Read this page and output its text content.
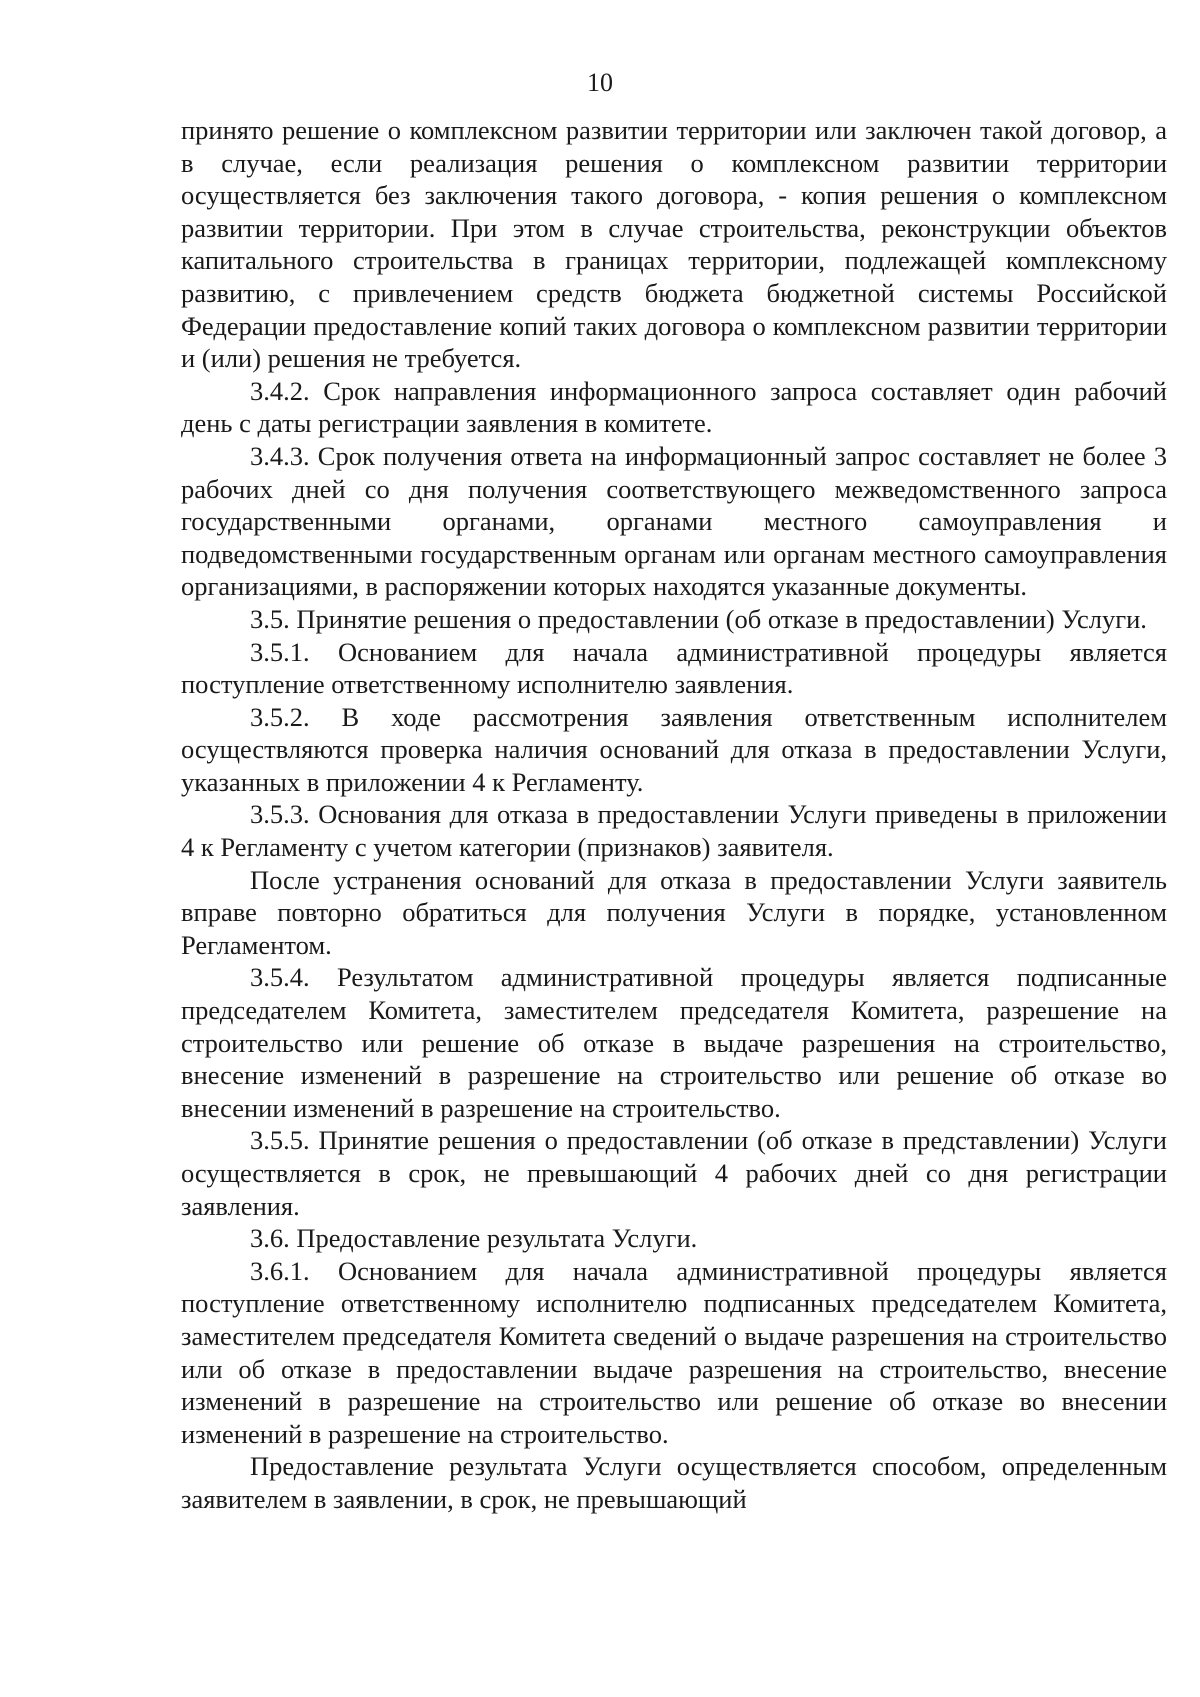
10

принято решение о комплексном развитии территории или заключен такой договор, а в случае, если реализация решения о комплексном развитии территории осуществляется без заключения такого договора, - копия решения о комплексном развитии территории. При этом в случае строительства, реконструкции объектов капитального строительства в границах территории, подлежащей комплексному развитию, с привлечением средств бюджета бюджетной системы Российской Федерации предоставление копий таких договора о комплексном развитии территории и (или) решения не требуется.

3.4.2. Срок направления информационного запроса составляет один рабочий день с даты регистрации заявления в комитете.

3.4.3. Срок получения ответа на информационный запрос составляет не более 3 рабочих дней со дня получения соответствующего межведомственного запроса государственными органами, органами местного самоуправления и подведомственными государственным органам или органам местного самоуправления организациями, в распоряжении которых находятся указанные документы.

3.5. Принятие решения о предоставлении (об отказе в предоставлении) Услуги.

3.5.1. Основанием для начала административной процедуры является поступление ответственному исполнителю заявления.

3.5.2. В ходе рассмотрения заявления ответственным исполнителем осуществляются проверка наличия оснований для отказа в предоставлении Услуги, указанных в приложении 4 к Регламенту.

3.5.3. Основания для отказа в предоставлении Услуги приведены в приложении 4 к Регламенту с учетом категории (признаков) заявителя.

После устранения оснований для отказа в предоставлении Услуги заявитель вправе повторно обратиться для получения Услуги в порядке, установленном Регламентом.

3.5.4. Результатом административной процедуры является подписанные председателем Комитета, заместителем председателя Комитета, разрешение на строительство или решение об отказе в выдаче разрешения на строительство, внесение изменений в разрешение на строительство или решение об отказе во внесении изменений в разрешение на строительство.

3.5.5. Принятие решения о предоставлении (об отказе в представлении) Услуги осуществляется в срок, не превышающий 4 рабочих дней со дня регистрации заявления.

3.6. Предоставление результата Услуги.

3.6.1. Основанием для начала административной процедуры является поступление ответственному исполнителю подписанных председателем Комитета, заместителем председателя Комитета сведений о выдаче разрешения на строительство или об отказе в предоставлении выдаче разрешения на строительство, внесение изменений в разрешение на строительство или решение об отказе во внесении изменений в разрешение на строительство.

Предоставление результата Услуги осуществляется способом, определенным заявителем в заявлении, в срок, не превышающий
